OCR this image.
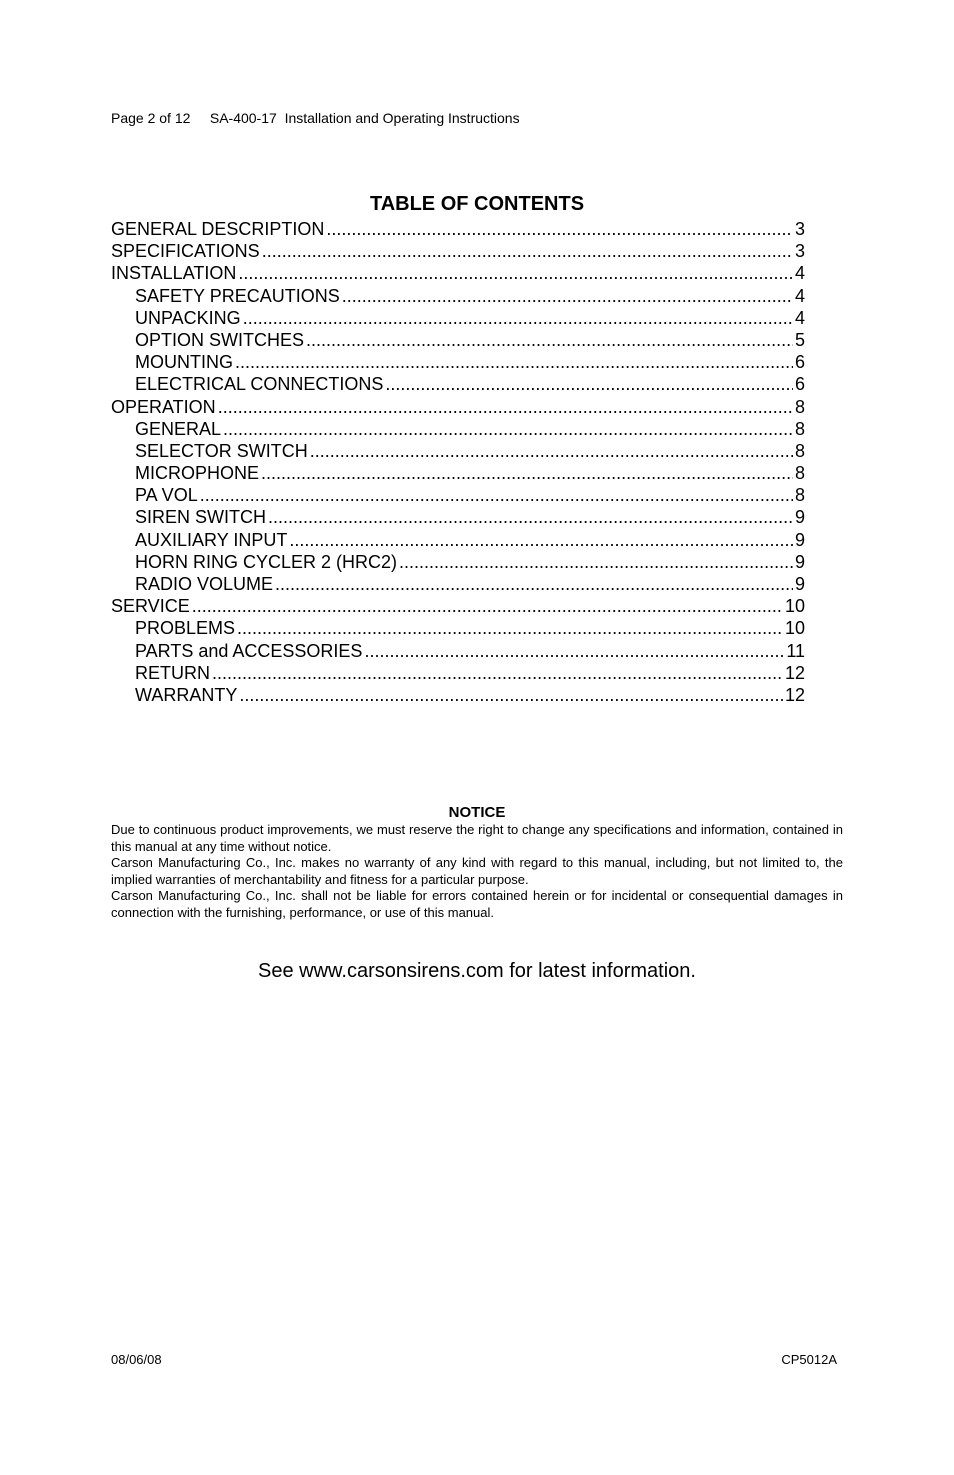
Page 2 of 12 SA-400-17  Installation and Operating Instructions
TABLE OF CONTENTS
GENERAL DESCRIPTION .....	3
SPECIFICATIONS .....	3
INSTALLATION .....	4
SAFETY PRECAUTIONS .....	4
UNPACKING .....	4
OPTION SWITCHES .....	5
MOUNTING .....	6
ELECTRICAL CONNECTIONS .....	6
OPERATION .....	8
GENERAL .....	8
SELECTOR SWITCH .....	8
MICROPHONE .....	8
PA VOL .....	8
SIREN SWITCH .....	9
AUXILIARY INPUT .....	9
HORN RING CYCLER 2 (HRC2) .....	9
RADIO VOLUME .....	9
SERVICE .....	10
PROBLEMS .....	10
PARTS and ACCESSORIES .....	11
RETURN .....	12
WARRANTY .....	12
NOTICE

Due to continuous product improvements, we must reserve the right to change any specifications and information, contained in this manual at any time without notice.

Carson Manufacturing Co., Inc. makes no warranty of any kind with regard to this manual, including, but not limited to, the implied warranties of merchantability and fitness for a particular purpose.

Carson Manufacturing Co., Inc. shall not be liable for errors contained herein or for incidental or consequential damages in connection with the furnishing, performance, or use of this manual.

See www.carsonsirens.com for latest information.
08/06/08	CP5012A
